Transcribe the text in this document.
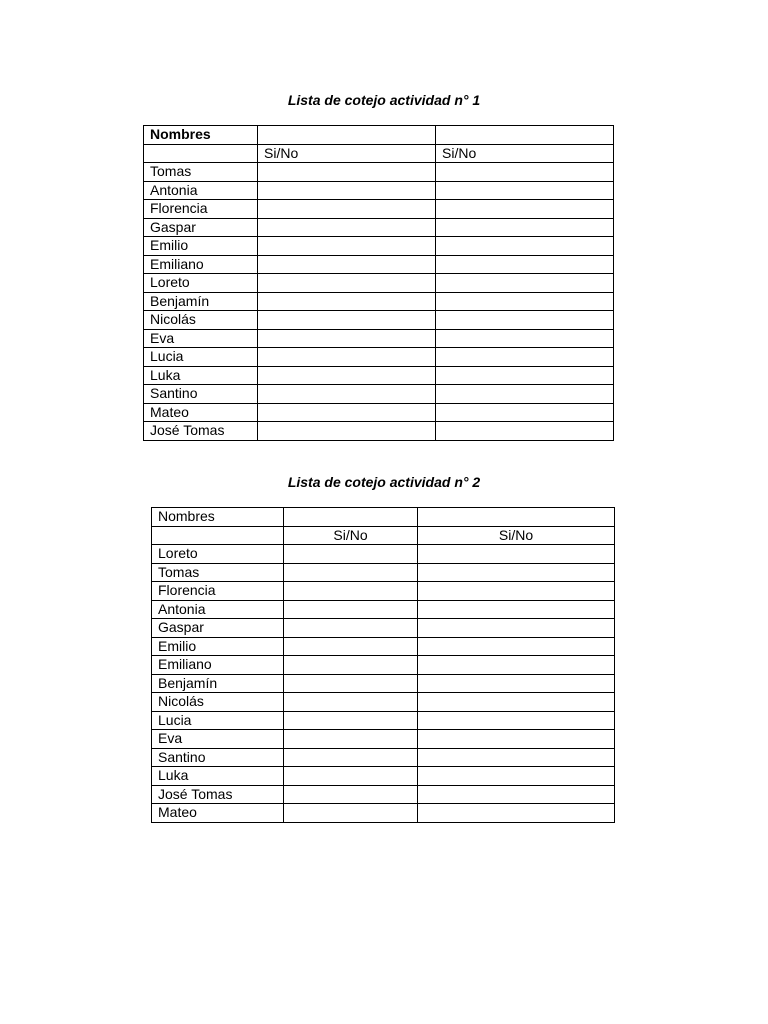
Lista de cotejo actividad n° 1
Nombres		
	Si/No	Si/No
Tomas		
Antonia		
Florencia		
Gaspar		
Emilio		
Emiliano		
Loreto		
Benjamín		
Nicolás		
Eva		
Lucia		
Luka		
Santino		
Mateo		
José Tomas		
Lista de cotejo actividad n° 2
Nombres		
	Si/No	Si/No
Loreto		
Tomas		
Florencia		
Antonia		
Gaspar		
Emilio		
Emiliano		
Benjamín		
Nicolás		
Lucia		
Eva		
Santino		
Luka		
José Tomas		
Mateo		
